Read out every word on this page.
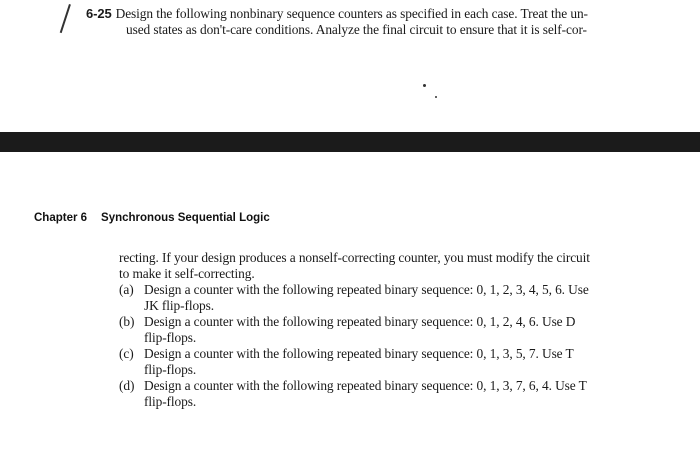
6-25 Design the following nonbinary sequence counters as specified in each case. Treat the un-
used states as don't-care conditions. Analyze the final circuit to ensure that it is self-cor-
Chapter 6 Synchronous Sequential Logic

recting. If your design produces a nonself-correcting counter, you must modify the circuit

to make it self-correcting.

(a) Design a counter with the following repeated binary sequence: 0, 1, 2, 3, 4, 5, 6. Use
JK flip-flops.
(b) Design a counter with the following repeated binary sequence: 0, 1, 2, 4, 6. Use D
flip-flops.
(c) Design a counter with the following repeated binary sequence: 0, 1, 3, 5, 7. Use T
flip-flops.
(d) Design a counter with the following repeated binary sequence: 0, 1, 3, 7, 6, 4. Use T
flip-flops.
